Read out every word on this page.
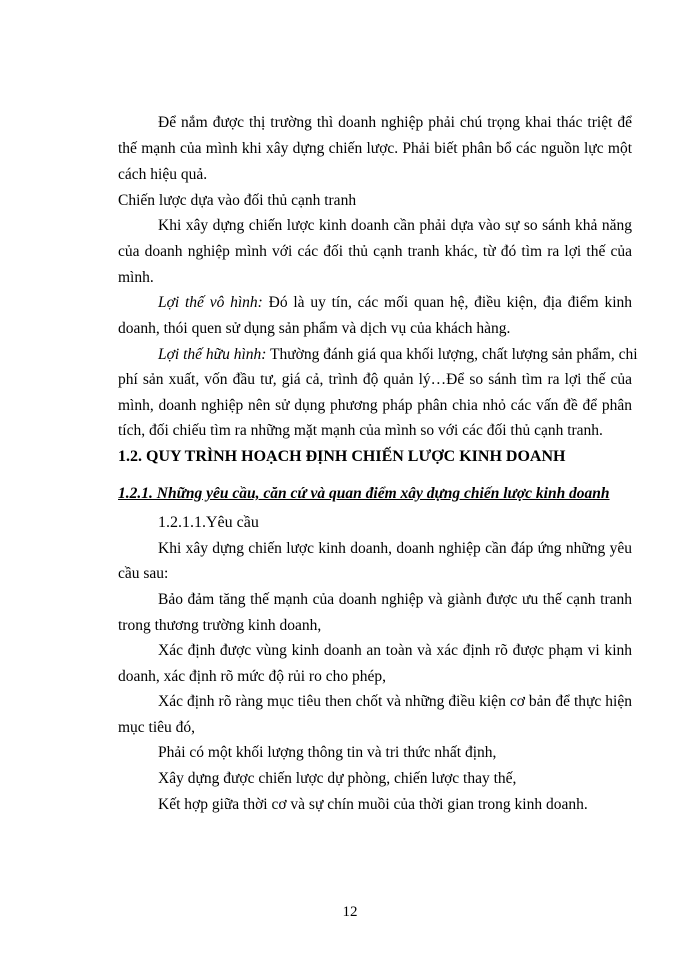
Để nắm được thị trường thì doanh nghiệp phải chú trọng khai thác triệt để

thế mạnh của mình khi xây dựng chiến lược. Phải biết phân bổ các nguồn lực một

cách hiệu quả.

Chiến lược dựa vào đối thủ cạnh tranh

Khi xây dựng chiến lược kinh doanh cần phải dựa vào sự so sánh khả năng

của doanh nghiệp mình với các đối thủ cạnh tranh khác, từ đó tìm ra lợi thế của

mình.

Lợi thế vô hình: Đó là uy tín, các mối quan hệ, điều kiện, địa điểm kinh

doanh, thói quen sử dụng sản phẩm và dịch vụ của khách hàng.

Lợi thế hữu hình: Thường đánh giá qua khối lượng, chất lượng sản phẩm, chi

phí sản xuất, vốn đầu tư, giá cả, trình độ quản lý…Để so sánh tìm ra lợi thế của

mình, doanh nghiệp nên sử dụng phương pháp phân chia nhỏ các vấn đề để phân

tích, đối chiếu tìm ra những mặt mạnh của mình so với các đối thủ cạnh tranh.

1.2. QUY TRÌNH HOẠCH ĐỊNH CHIẾN LƯỢC KINH DOANH

1.2.1. Những yêu cầu, căn cứ và quan điểm xây dựng chiến lược kinh doanh

1.2.1.1.Yêu cầu

Khi xây dựng chiến lược kinh doanh, doanh nghiệp cần đáp ứng những yêu

cầu sau:

Bảo đảm tăng thế mạnh của doanh nghiệp và giành được ưu thế cạnh tranh

trong thương trường kinh doanh,

Xác định được vùng kinh doanh an toàn và xác định rõ được phạm vi kinh

doanh, xác định rõ mức độ rủi ro cho phép,

Xác định rõ ràng mục tiêu then chốt và những điều kiện cơ bản để thực hiện

mục tiêu đó,

Phải có một khối lượng thông tin và tri thức nhất định,

Xây dựng được chiến lược dự phòng, chiến lược thay thế,

Kết hợp giữa thời cơ và sự chín muồi của thời gian trong kinh doanh.

12
